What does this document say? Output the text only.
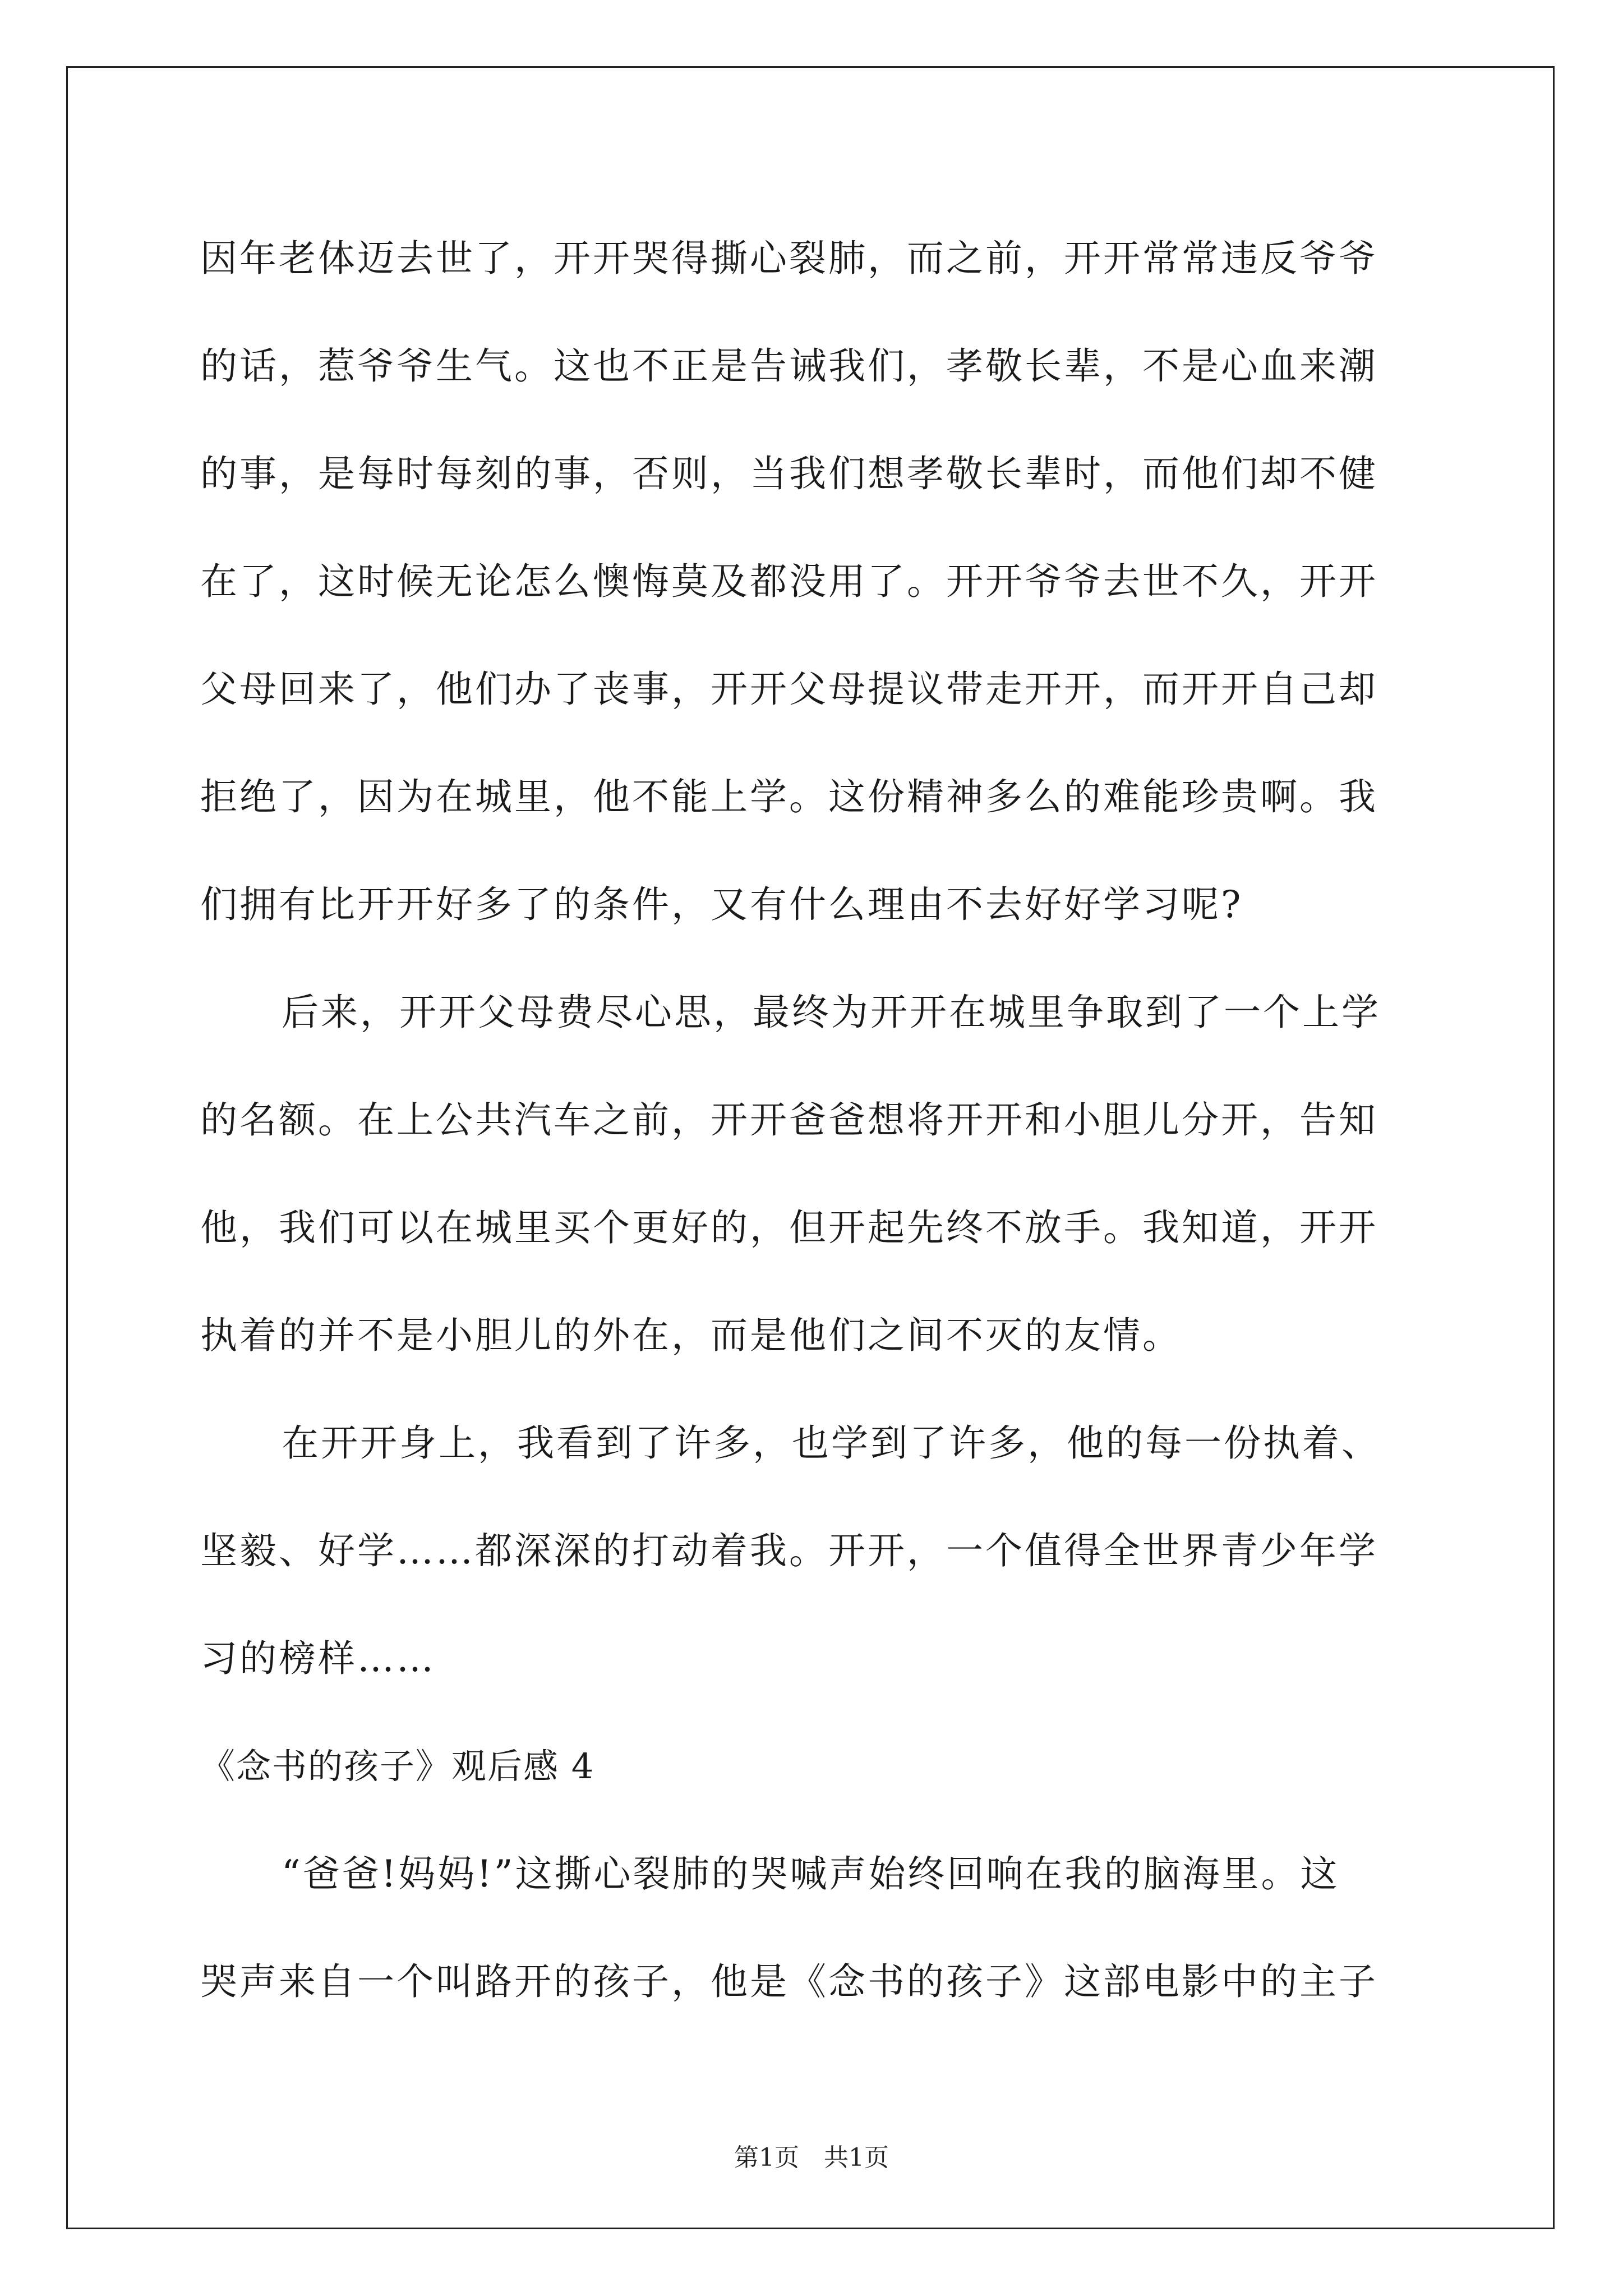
因年老体迈去世了，开开哭得撕心裂肺，而之前，开开常常违反爷爷
的话，惹爷爷生气。这也不正是告诫我们，孝敬长辈，不是心血来潮
的事，是每时每刻的事，否则，当我们想孝敬长辈时，而他们却不健
在了，这时候无论怎么懊悔莫及都没用了。开开爷爷去世不久，开开
父母回来了，他们办了丧事，开开父母提议带走开开，而开开自己却
拒绝了，因为在城里，他不能上学。这份精神多么的难能珍贵啊。我
们拥有比开开好多了的条件，又有什么理由不去好好学习呢?
后来，开开父母费尽心思，最终为开开在城里争取到了一个上学
的名额。在上公共汽车之前，开开爸爸想将开开和小胆儿分开，告知
他，我们可以在城里买个更好的，但开起先终不放手。我知道，开开
执着的并不是小胆儿的外在，而是他们之间不灭的友情。
在开开身上，我看到了许多，也学到了许多，他的每一份执着、
坚毅、好学……都深深的打动着我。开开，一个值得全世界青少年学
习的榜样……
《念书的孩子》观后感 4
“爸爸!妈妈!”这撕心裂肺的哭喊声始终回响在我的脑海里。这
哭声来自一个叫路开的孩子，他是《念书的孩子》这部电影中的主子
第1页　共1页
